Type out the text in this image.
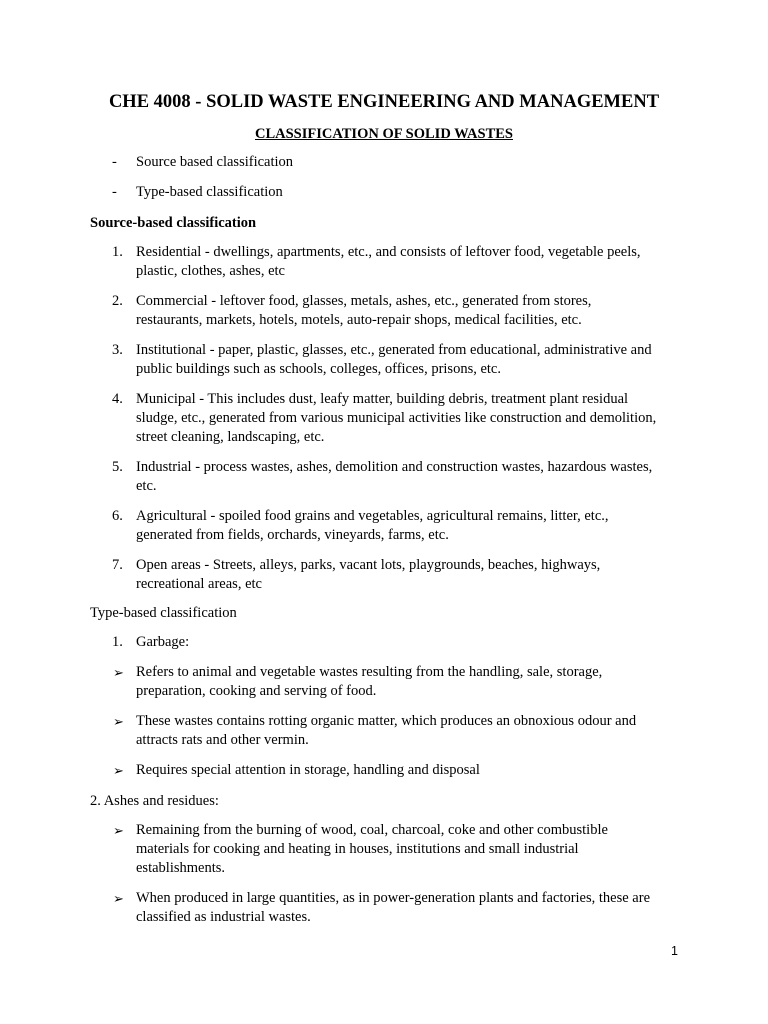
CHE 4008 - SOLID WASTE ENGINEERING AND MANAGEMENT
CLASSIFICATION OF SOLID WASTES
- Source based classification
- Type-based classification
Source-based classification
1. Residential - dwellings, apartments, etc., and consists of leftover food, vegetable peels,
plastic, clothes, ashes, etc
2. Commercial - leftover food, glasses, metals, ashes, etc., generated from stores,
restaurants, markets, hotels, motels, auto-repair shops, medical facilities, etc.
3. Institutional - paper, plastic, glasses, etc., generated from educational, administrative and
public buildings such as schools, colleges, offices, prisons, etc.
4. Municipal - This includes dust, leafy matter, building debris, treatment plant residual
sludge, etc., generated from various municipal activities like construction and demolition,
street cleaning, landscaping, etc.
5. Industrial - process wastes, ashes, demolition and construction wastes, hazardous wastes,
etc.
6. Agricultural - spoiled food grains and vegetables, agricultural remains, litter, etc.,
generated from fields, orchards, vineyards, farms, etc.
7. Open areas - Streets, alleys, parks, vacant lots, playgrounds, beaches, highways,
recreational areas, etc
Type-based classification
1. Garbage:
➢ Refers to animal and vegetable wastes resulting from the handling, sale, storage,
preparation, cooking and serving of food.
➢ These wastes contains rotting organic matter, which produces an obnoxious odour and
attracts rats and other vermin.
➢ Requires special attention in storage, handling and disposal
2. Ashes and residues:
➢ Remaining from the burning of wood, coal, charcoal, coke and other combustible
materials for cooking and heating in houses, institutions and small industrial
establishments.
➢ When produced in large quantities, as in power-generation plants and factories, these are
classified as industrial wastes.
1
